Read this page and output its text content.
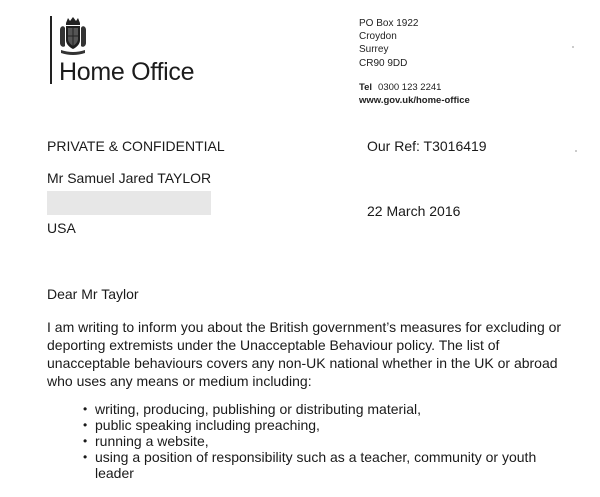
Home Office
PO Box 1922
Croydon
Surrey
CR90 9DD
Tel 0300 123 2241
www.gov.uk/home-office
PRIVATE & CONFIDENTIAL	Our Ref: T3016419
Mr Samuel Jared TAYLOR
22 March 2016
USA
Dear Mr Taylor
I am writing to inform you about the British government’s measures for excluding or
deporting extremists under the Unacceptable Behaviour policy. The list of
unacceptable behaviours covers any non-UK national whether in the UK or abroad
who uses any means or medium including:
• writing, producing, publishing or distributing material,
• public speaking including preaching,
• running a website,
• using a position of responsibility such as a teacher, community or youth leader
